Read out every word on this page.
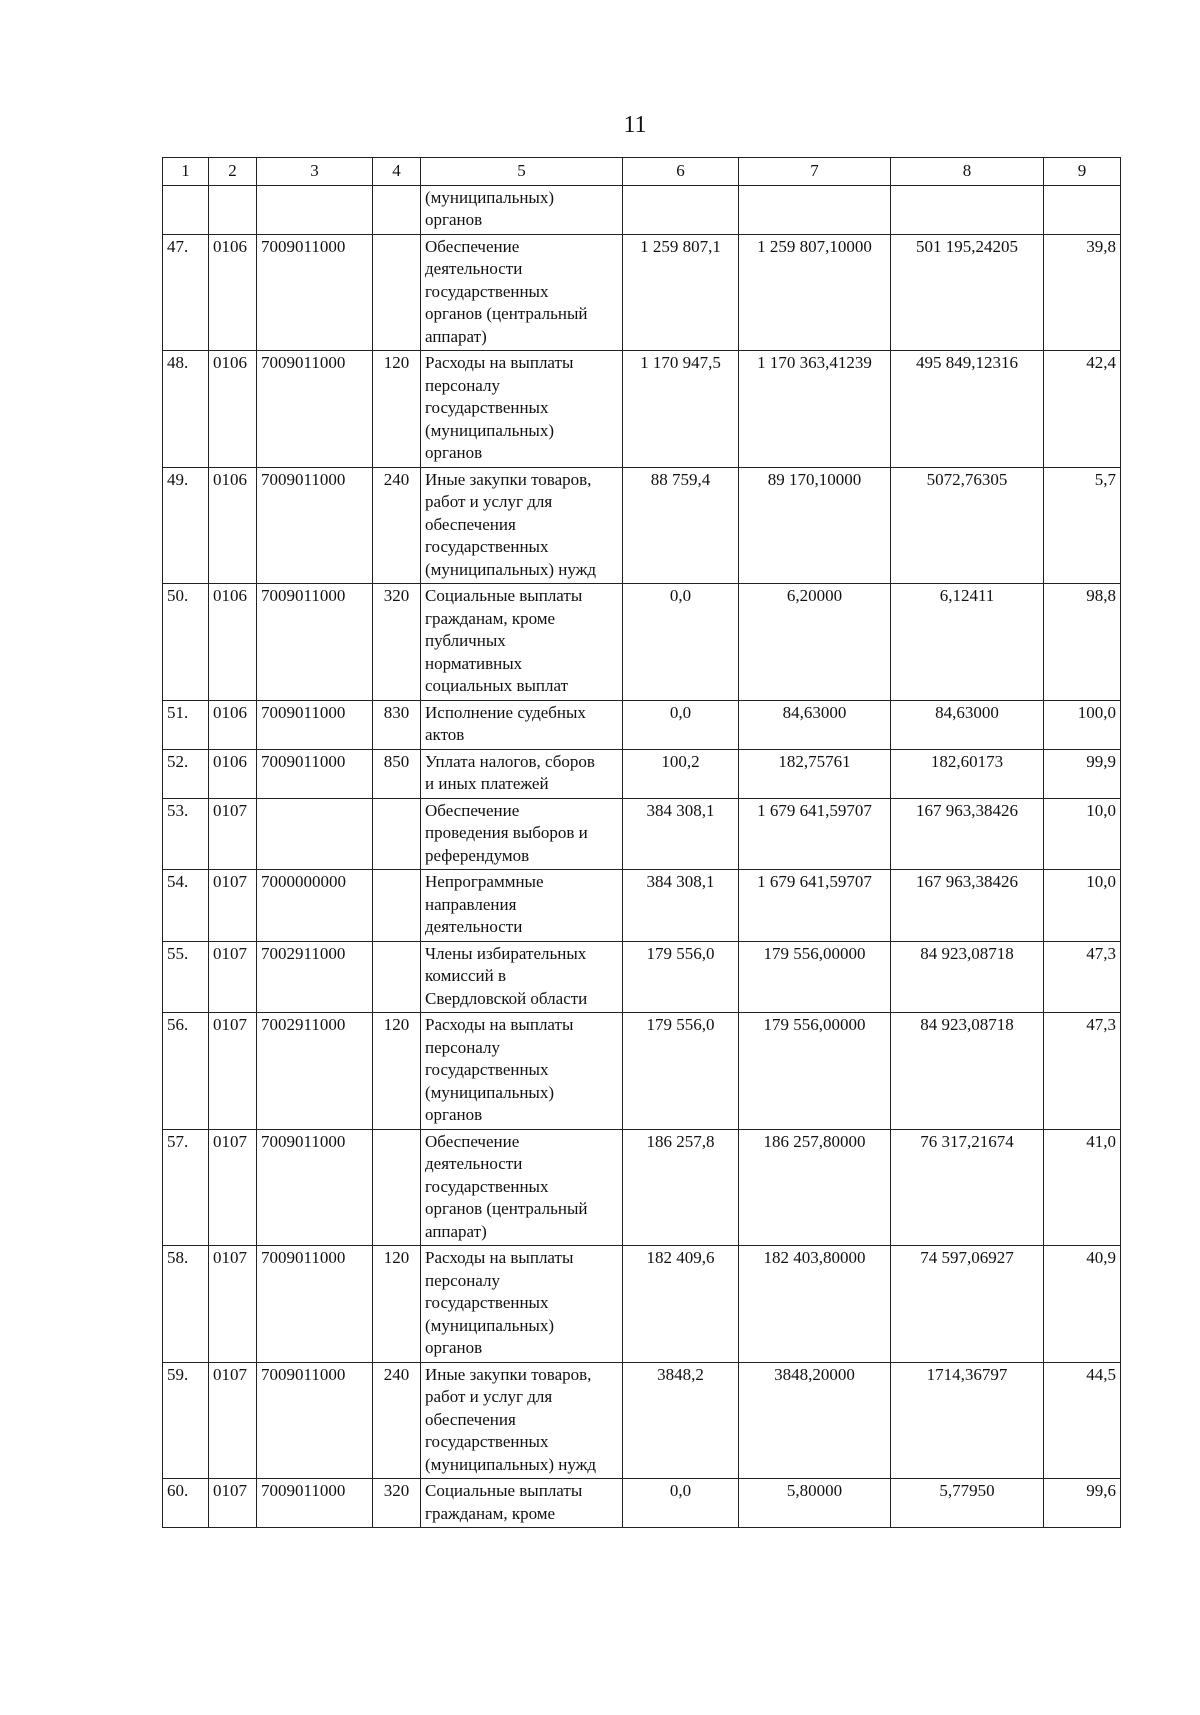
11
1	2	3	4	5	6	7	8	9
				(муниципальных)
органов				
47.	0106	7009011000		Обеспечение
деятельности
государственных
органов (центральный
аппарат)	1 259 807,1	1 259 807,10000	501 195,24205	39,8
48.	0106	7009011000	120	Расходы на выплаты
персоналу
государственных
(муниципальных)
органов	1 170 947,5	1 170 363,41239	495 849,12316	42,4
49.	0106	7009011000	240	Иные закупки товаров,
работ и услуг для
обеспечения
государственных
(муниципальных) нужд	88 759,4	89 170,10000	5072,76305	5,7
50.	0106	7009011000	320	Социальные выплаты
гражданам, кроме
публичных
нормативных
социальных выплат	0,0	6,20000	6,12411	98,8
51.	0106	7009011000	830	Исполнение судебных
актов	0,0	84,63000	84,63000	100,0
52.	0106	7009011000	850	Уплата налогов, сборов
и иных платежей	100,2	182,75761	182,60173	99,9
53.	0107			Обеспечение
проведения выборов и
референдумов	384 308,1	1 679 641,59707	167 963,38426	10,0
54.	0107	7000000000		Непрограммные
направления
деятельности	384 308,1	1 679 641,59707	167 963,38426	10,0
55.	0107	7002911000		Члены избирательных
комиссий в
Свердловской области	179 556,0	179 556,00000	84 923,08718	47,3
56.	0107	7002911000	120	Расходы на выплаты
персоналу
государственных
(муниципальных)
органов	179 556,0	179 556,00000	84 923,08718	47,3
57.	0107	7009011000		Обеспечение
деятельности
государственных
органов (центральный
аппарат)	186 257,8	186 257,80000	76 317,21674	41,0
58.	0107	7009011000	120	Расходы на выплаты
персоналу
государственных
(муниципальных)
органов	182 409,6	182 403,80000	74 597,06927	40,9
59.	0107	7009011000	240	Иные закупки товаров,
работ и услуг для
обеспечения
государственных
(муниципальных) нужд	3848,2	3848,20000	1714,36797	44,5
60.	0107	7009011000	320	Социальные выплаты
гражданам, кроме	0,0	5,80000	5,77950	99,6
